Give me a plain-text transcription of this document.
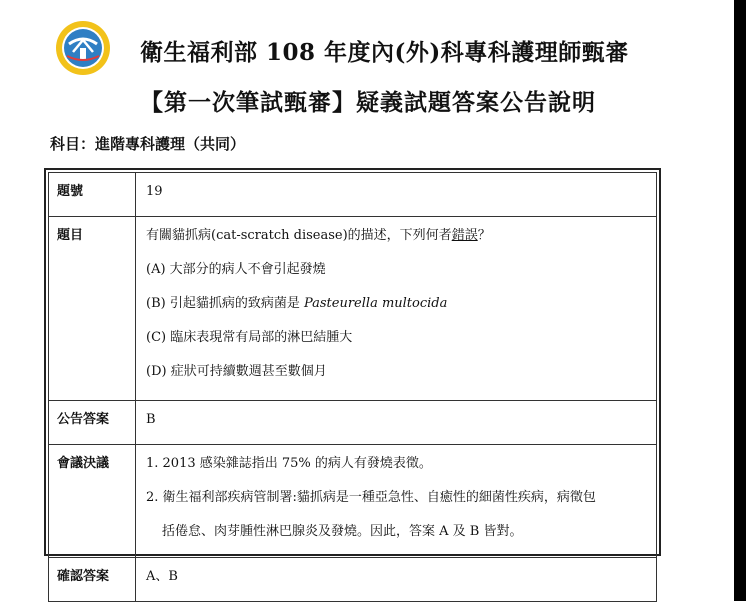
衛生福利部 108 年度內(外)科專科護理師甄審
【第一次筆試甄審】疑義試題答案公告說明
科目：進階專科護理（共同）
題號	19
題目	有關貓抓病(cat-scratch disease)的描述，下列何者錯誤？
(A) 大部分的病人不會引起發燒
(B) 引起貓抓病的致病菌是 Pasteurella multocida
(C) 臨床表現常有局部的淋巴結腫大
(D) 症狀可持續數週甚至數個月

公告答案	B
會議決議	1. 2013 感染雜誌指出 75% 的病人有發燒表徵。
2. 衛生福利部疾病管制署:貓抓病是一種亞急性、自癒性的細菌性疾病，病徵包
括倦怠、肉芽腫性淋巴腺炎及發燒。因此，答案 A 及 B 皆對。

確認答案	A、B
